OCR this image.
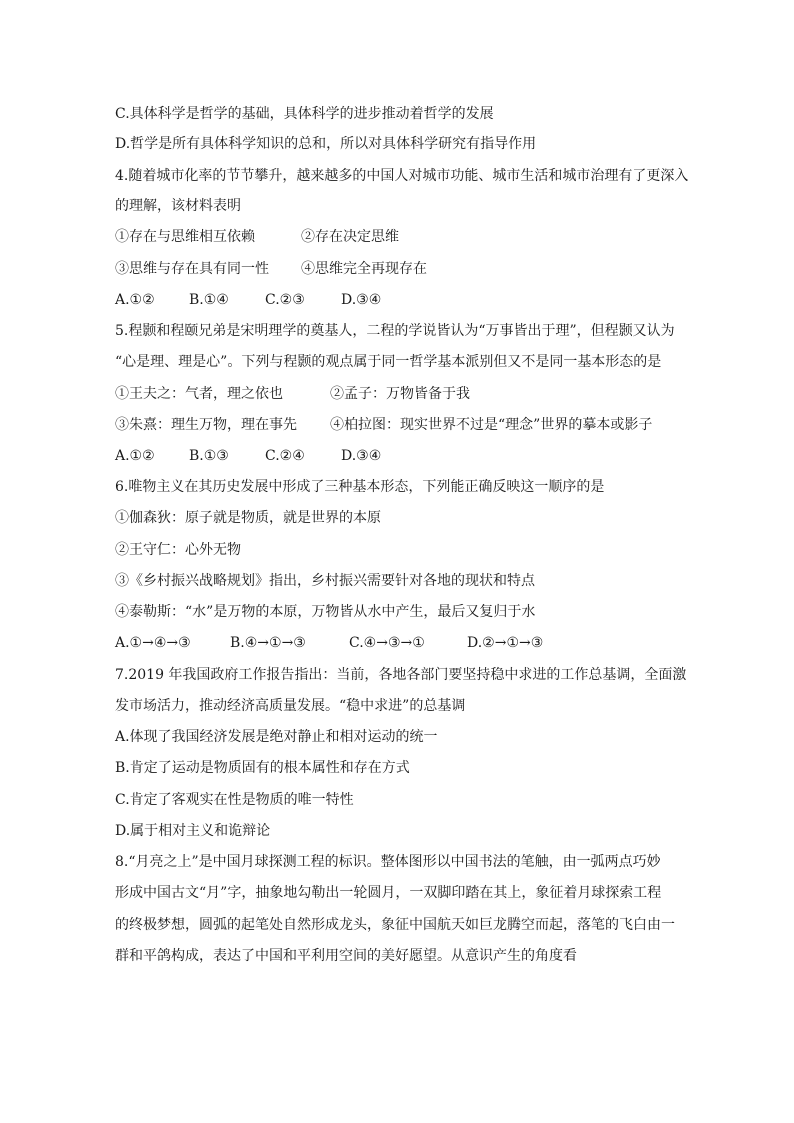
C.具体科学是哲学的基础，具体科学的进步推动着哲学的发展
D.哲学是所有具体科学知识的总和，所以对具体科学研究有指导作用
4.随着城市化率的节节攀升，越来越多的中国人对城市功能、城市生活和城市治理有了更深入
的理解，该材料表明
①存在与思维相互依赖	②存在决定思维
③思维与存在具有同一性 ④思维完全再现存在
A.①② B.①④	C.②③	D.③④
5.程颢和程颐兄弟是宋明理学的奠基人，二程的学说皆认为“万事皆出于理”，但程颢又认为
“心是理、理是心”。下列与程颢的观点属于同一哲学基本派别但又不是同一基本形态的是
①王夫之：气者，理之依也	②孟子：万物皆备于我
③朱熹：理生万物，理在事先 ④柏拉图：现实世界不过是“理念”世界的摹本或影子
A.①② B.①③	C.②④	D.③④
6.唯物主义在其历史发展中形成了三种基本形态，下列能正确反映这一顺序的是
①伽森狄：原子就是物质，就是世界的本原
②王守仁：心外无物
③《乡村振兴战略规划》指出，乡村振兴需要针对各地的现状和特点
④泰勒斯：“水”是万物的本原，万物皆从水中产生，最后又复归于水
A.①→④→③	B.④→①→③	C.④→③→①	D.②→①→③
7.2019 年我国政府工作报告指出：当前，各地各部门要坚持稳中求进的工作总基调，全面激
发市场活力，推动经济高质量发展。“稳中求进”的总基调
A.体现了我国经济发展是绝对静止和相对运动的统一
B.肯定了运动是物质固有的根本属性和存在方式
C.肯定了客观实在性是物质的唯一特性
D.属于相对主义和诡辩论
8.“月亮之上”是中国月球探测工程的标识。整体图形以中国书法的笔触，由一弧两点巧妙
形成中国古文“月”字，抽象地勾勒出一轮圆月，一双脚印踏在其上，象征着月球探索工程
的终极梦想，圆弧的起笔处自然形成龙头，象征中国航天如巨龙腾空而起，落笔的飞白由一
群和平鸽构成，表达了中国和平利用空间的美好愿望。从意识产生的角度看
